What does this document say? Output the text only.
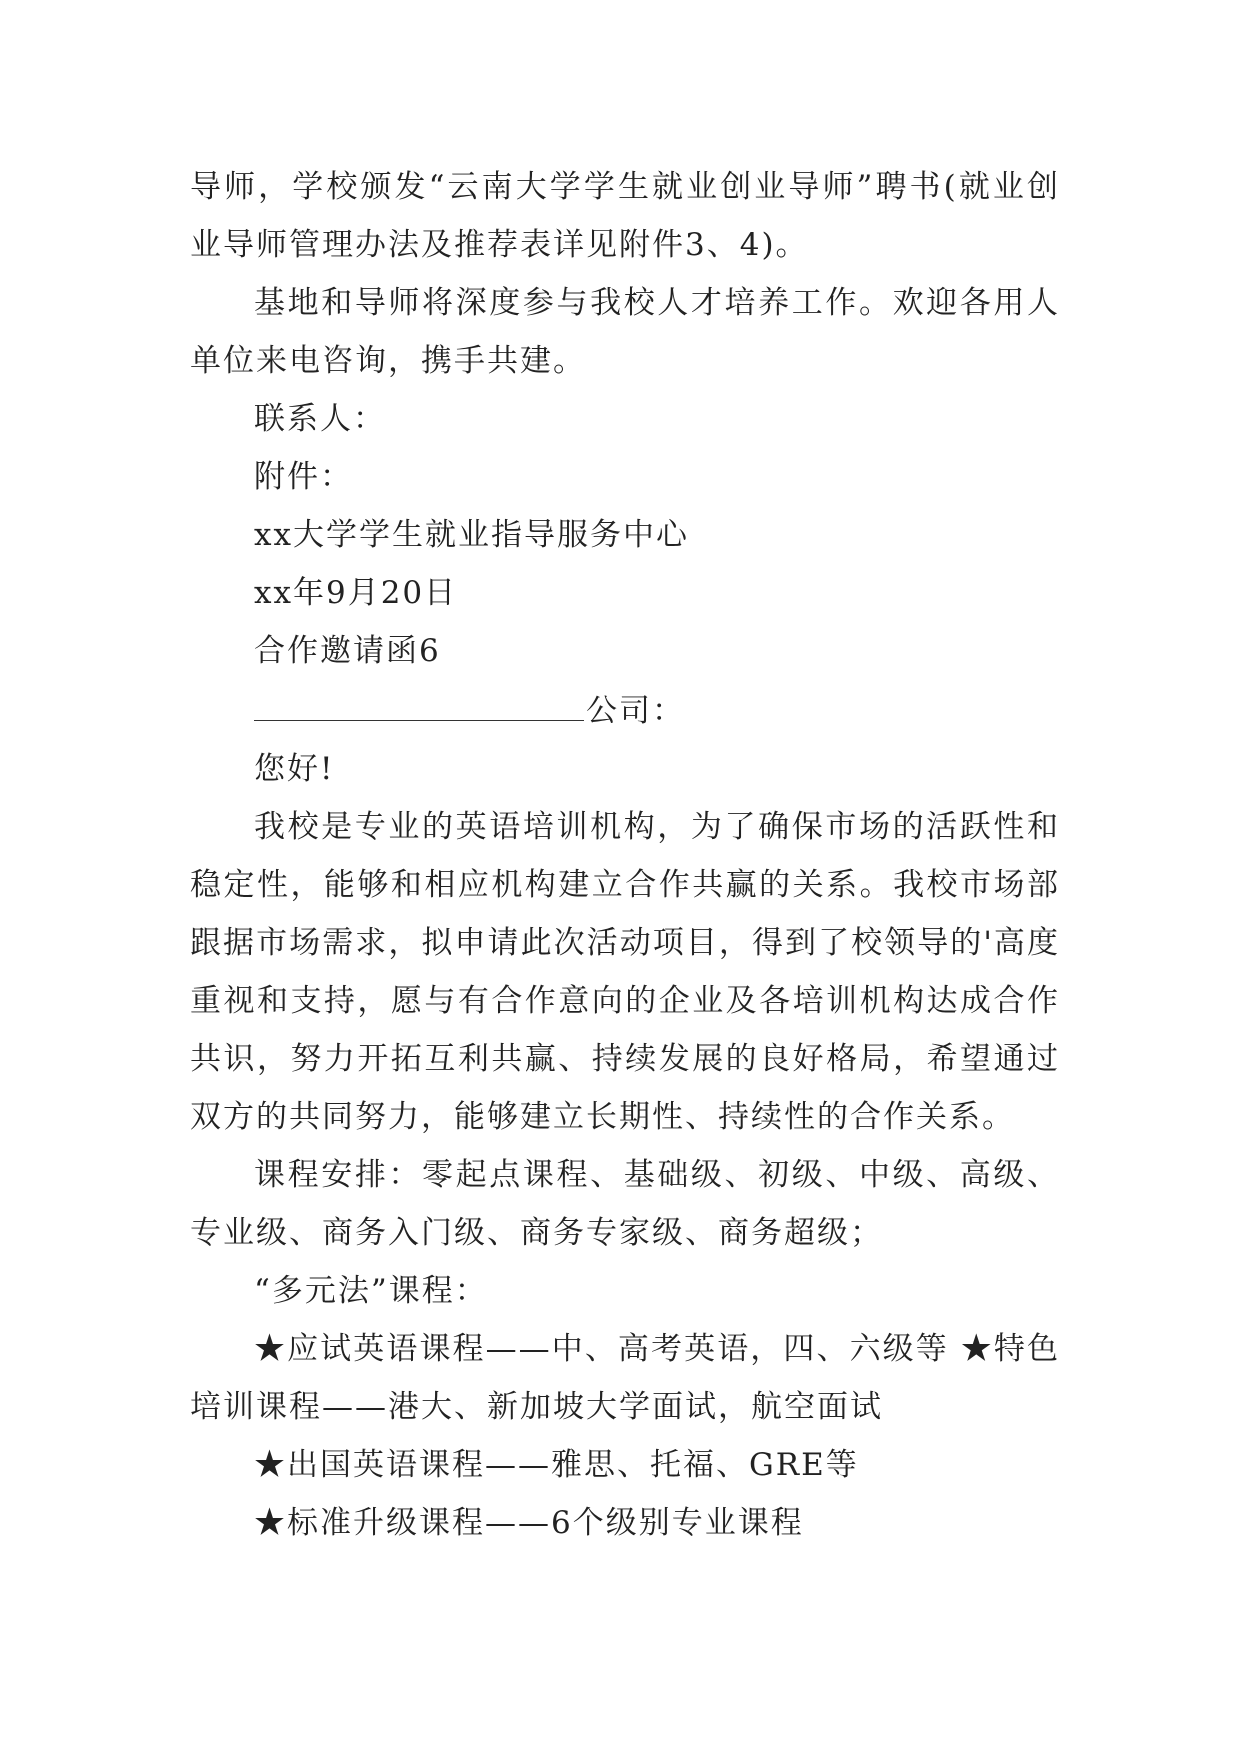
导师，学校颁发“云南大学学生就业创业导师”聘书(就业创业导师管理办法及推荐表详见附件3、4)。

基地和导师将深度参与我校人才培养工作。欢迎各用人单位来电咨询，携手共建。

联系人：

附件：

xx大学学生就业指导服务中心

xx年9月20日

合作邀请函6

公司：

您好!

我校是专业的英语培训机构，为了确保市场的活跃性和稳定性，能够和相应机构建立合作共赢的关系。我校市场部跟据市场需求，拟申请此次活动项目，得到了校领导的'高度重视和支持，愿与有合作意向的企业及各培训机构达成合作共识，努力开拓互利共赢、持续发展的良好格局，希望通过双方的共同努力，能够建立长期性、持续性的合作关系。

课程安排：零起点课程、基础级、初级、中级、高级、专业级、商务入门级、商务专家级、商务超级；

“多元法”课程：

★应试英语课程——中、高考英语，四、六级等 ★特色培训课程——港大、新加坡大学面试，航空面试

★出国英语课程——雅思、托福、GRE等

★标准升级课程——6个级别专业课程
